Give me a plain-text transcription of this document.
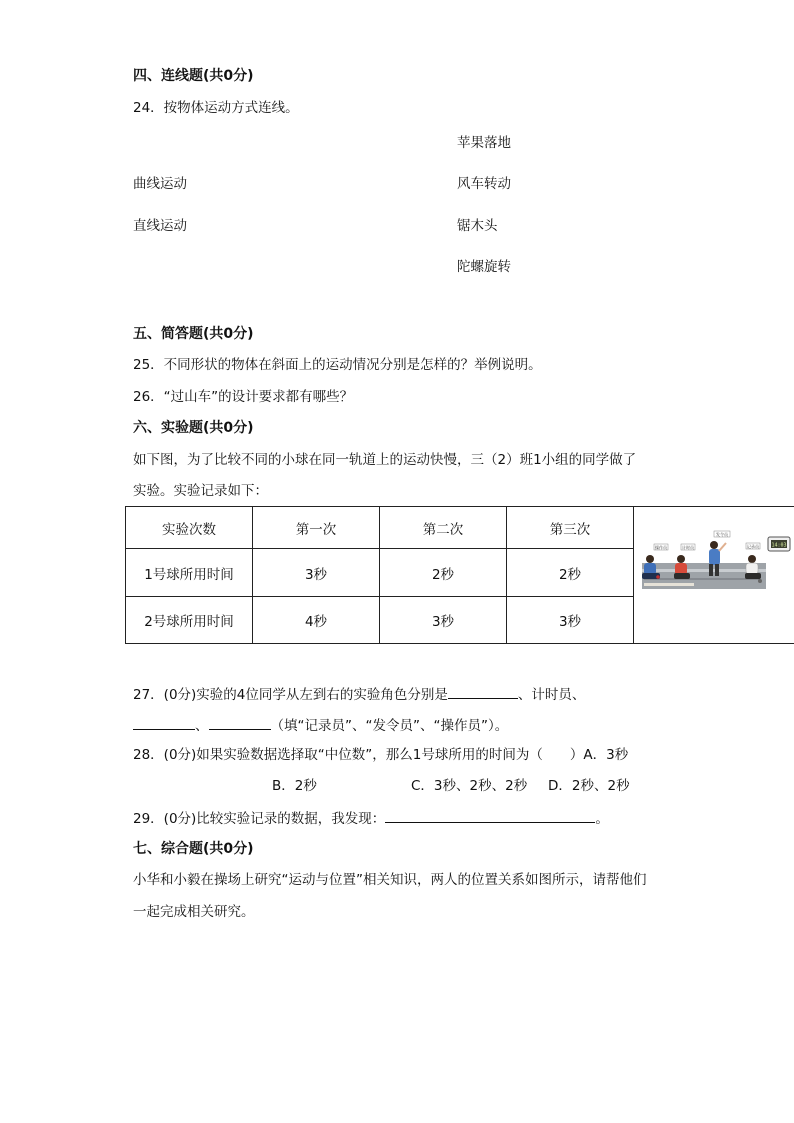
四、连线题(共0分)
24．按物体运动方式连线。
苹果落地
曲线运动	风车转动
直线运动	锯木头
陀螺旋转
五、简答题(共0分)
25．不同形状的物体在斜面上的运动情况分别是怎样的？举例说明。
26．“过山车”的设计要求都有哪些？
六、实验题(共0分)
如下图，为了比较不同的小球在同一轨道上的运动快慢，三（2）班1小组的同学做了
实验。实验记录如下：
实验次数	第一次	第二次	第三次
1号球所用时间	3秒	2秒	2秒
2号球所用时间	4秒	3秒	3秒
操作员	计时员
发令员
记录员 14:03
27．(0分)实验的4位同学从左到右的实验角色分别是	、计时员、
、	（填“记录员”、“发令员”、“操作员”）。
28．(0分)如果实验数据选择取“中位数”，那么1号球所用的时间为（　　）A．3秒
B．2秒	C．3秒、2秒、2秒 D．2秒、2秒
29．(0分)比较实验记录的数据，我发现：	。
七、综合题(共0分)
小华和小毅在操场上研究“运动与位置”相关知识，两人的位置关系如图所示，请帮他们
一起完成相关研究。
